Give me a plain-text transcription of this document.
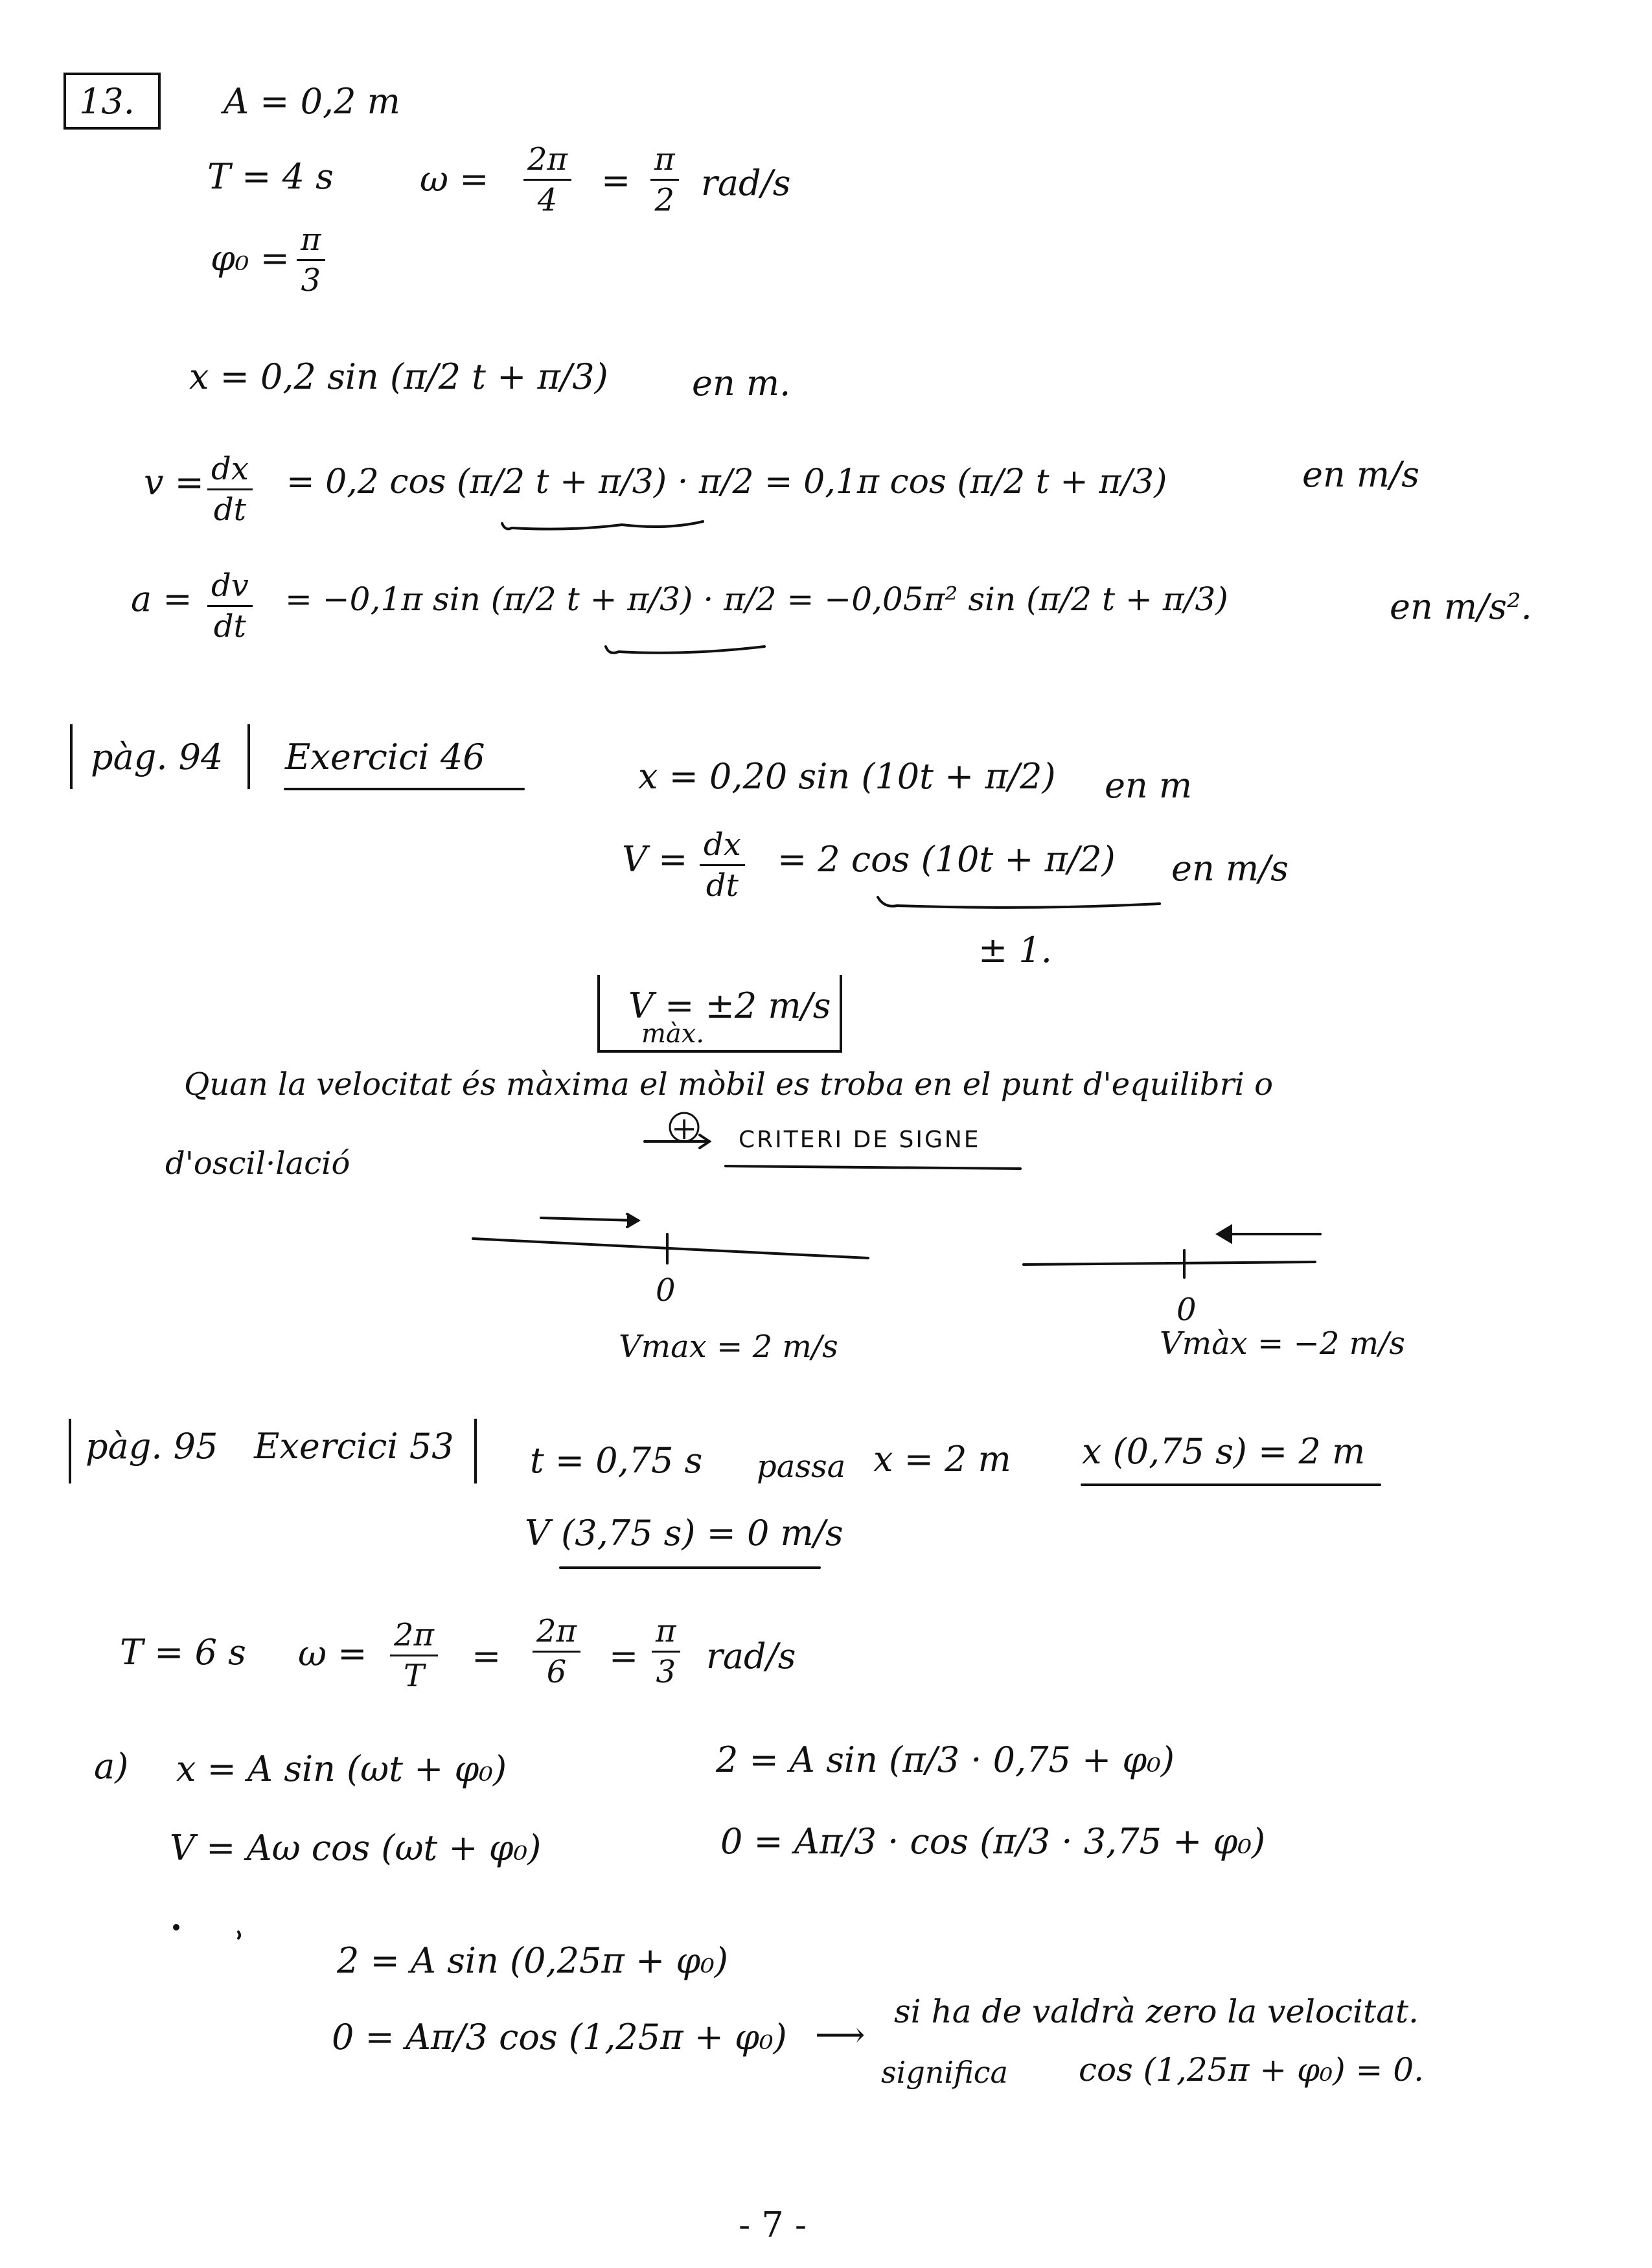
13.	A = 0,2 m
T = 4 s $\omega = \frac{2\pi}{4} = \frac{\pi}{2} rad/s$
$\varphi_0 = \frac{\pi}{3}$
x = 0,2 sin (π/2 t + π/3) en m.
$v = \frac{dx}{dt} = 0,2$ cos (π/2 t + π/3) · π/2 = 0,1π cos (π/2 t + π/3)	en m/s
$a = \frac{dv}{dt} = -0,1\pi$ sin (π/2 t + π/3) · π/2 = −0,05π² sin (π/2 t + π/3)	en m/s².
pàg. 94 Exercici 46	x = 0,20 sin (10t + π/2) en m
$V = \frac{dx}{dt} = 2$ cos (10t + π/2) en m/s
± 1.
V = ±2 m/s
màx.
Quan la velocitat és màxima el mòbil es troba en el punt d'equilibri o
d'oscil·lació
+ CRITERI DE SIGNE
0
0
Vmax = 2 m/s	Vmàx = −2 m/s
pàg. 95 Exercici 53 t = 0,75 s passa x = 2 m x (0,75 s) = 2 m
V (3,75 s) = 0 m/s
T = 6 s $\omega = \frac{2\pi}{T} = \frac{2\pi}{6} = \frac{\pi}{3} rad/s$
a) x = A sin (ωt + φ₀)
V = Aω cos (ωt + φ₀)
2 = A sin (π/3 · 0,75 + φ₀)
0 = Aπ/3 · cos (π/3 · 3,75 + φ₀)
2 = A sin (0,25π + φ₀)
0 = Aπ/3 cos (1,25π + φ₀) ⟶
si ha de valdrà zero la velocitat.
significa cos (1,25π + φ₀) = 0.
- 7 -
